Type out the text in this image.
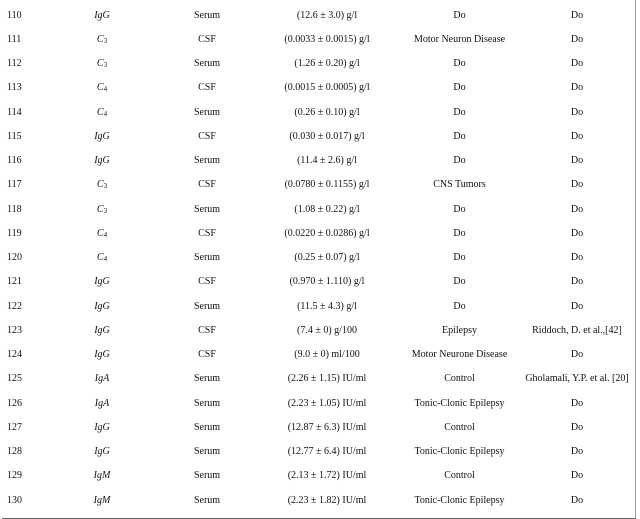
110	IgG	Serum	(12.6 ± 3.0) g/l	Do	Do
111	$C_3$	CSF	(0.0033 ± 0.0015) g/l	Motor Neuron Disease	Do
112	$C_3$	Serum	(1.26 ± 0.20) g/l	Do	Do
113	$C_4$	CSF	(0.0015 ± 0.0005) g/l	Do	Do
114	$C_4$	Serum	(0.26 ± 0.10) g/l	Do	Do
115	IgG	CSF	(0.030 ± 0.017) g/l	Do	Do
116	IgG	Serum	(11.4 ± 2.6) g/l	Do	Do
117	$C_3$	CSF	(0.0780 ± 0.1155) g/l	CNS Tumors	Do
118	$C_3$	Serum	(1.08 ± 0.22) g/l	Do	Do
119	$C_4$	CSF	(0.0220 ± 0.0286) g/l	Do	Do
120	$C_4$	Serum	(0.25 ± 0.07) g/l	Do	Do
121	IgG	CSF	(0.970 ± 1.110) g/l	Do	Do
122	IgG	Serum	(11.5 ± 4.3) g/l	Do	Do
123	IgG	CSF	(7.4 ± 0) g/100	Epilepsy	Riddoch, D. et al.,[42]
124	IgG	CSF	(9.0 ± 0) ml/100	Motor Neurone Disease	Do
125	IgA	Serum	(2.26 ± 1.15) IU/ml	Control	Gholamali, Y.P. et al. [20]
126	IgA	Serum	(2.23 ± 1.05) IU/ml	Tonic-Clonic Epilepsy	Do
127	IgG	Serum	(12.87 ± 6.3) IU/ml	Control	Do
128	IgG	Serum	(12.77 ± 6.4) IU/ml	Tonic-Clonic Epilepsy	Do
129	IgM	Serum	(2.13 ± 1.72) IU/ml	Control	Do
130	IgM	Serum	(2.23 ± 1.82) IU/ml	Tonic-Clonic Epilepsy	Do
